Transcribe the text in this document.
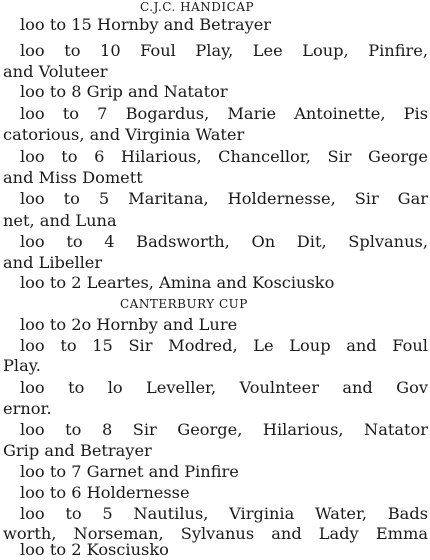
C.J.C. HANDICAP
loo to 15 Hornby and Betrayer
loo to 10 Foul Play, Lee Loup, Pinfire,
and Voluteer
loo to 8 Grip and Natator
loo to 7 Bogardus, Marie Antoinette, Pis
catorious, and Virginia Water
loo to 6 Hilarious, Chancellor, Sir George
and Miss Domett
loo to 5 Maritana, Holdernesse, Sir Gar
net, and Luna
loo to 4 Badsworth, On Dit, Splvanus,
and Libeller
loo to 2 Leartes, Amina and Kosciusko
CANTERBURY CUP
loo to 2o Hornby and Lure
loo to 15 Sir Modred, Le Loup and Foul
Play.
loo to lo Leveller, Voulnteer and Gov
ernor.
loo to 8 Sir George, Hilarious, Natator
Grip and Betrayer
loo to 7 Garnet and Pinfire
loo to 6 Holdernesse
loo to 5 Nautilus, Virginia Water, Bads
worth, Norseman, Sylvanus and Lady Emma
loo to 2 Kosciusko
